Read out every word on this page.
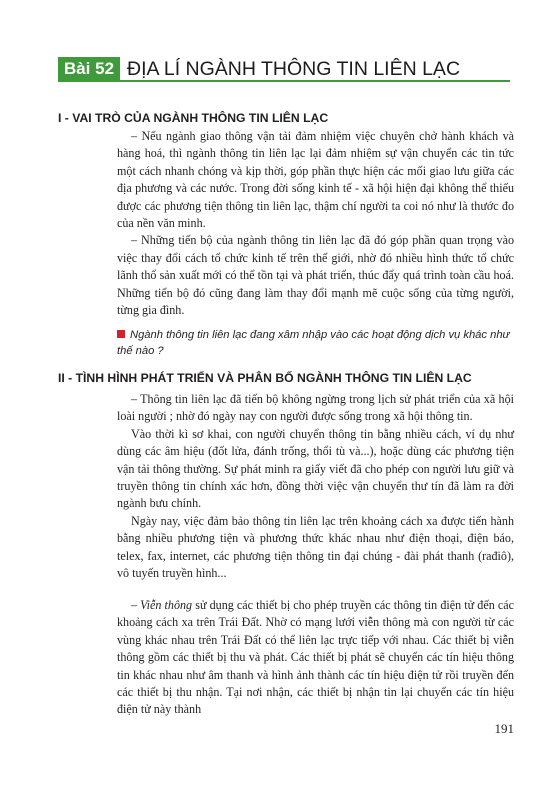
Bài 52 ĐỊA LÍ NGÀNH THÔNG TIN LIÊN LẠC
I - VAI TRÒ CỦA NGÀNH THÔNG TIN LIÊN LẠC

– Nếu ngành giao thông vận tải đảm nhiệm việc chuyên chở hành khách và hàng hoá, thì ngành thông tin liên lạc lại đảm nhiệm sự vận chuyển các tin tức một cách nhanh chóng và kịp thời, góp phần thực hiện các mối giao lưu giữa các địa phương và các nước. Trong đời sống kinh tế - xã hội hiện đại không thể thiếu được các phương tiện thông tin liên lạc, thậm chí người ta coi nó như là thước đo của nền văn minh.

– Những tiến bộ của ngành thông tin liên lạc đã đó góp phần quan trọng vào việc thay đổi cách tổ chức kinh tế trên thế giới, nhờ đó nhiều hình thức tổ chức lãnh thổ sản xuất mới có thể tồn tại và phát triển, thúc đẩy quá trình toàn cầu hoá. Những tiến bộ đó cũng đang làm thay đổi mạnh mẽ cuộc sống của từng người, từng gia đình.

Ngành thông tin liên lạc đang xâm nhập vào các hoạt động dịch vụ khác như thế nào ?
II - TÌNH HÌNH PHÁT TRIỂN VÀ PHÂN BỐ NGÀNH THÔNG TIN LIÊN LẠC

– Thông tin liên lạc đã tiến bộ không ngừng trong lịch sử phát triển của xã hội loài người ; nhờ đó ngày nay con người được sống trong xã hội thông tin.

Vào thời kì sơ khai, con người chuyển thông tin bằng nhiều cách, ví dụ như dùng các âm hiệu (đốt lửa, đánh trống, thổi tù và...), hoặc dùng các phương tiện vận tải thông thường. Sự phát minh ra giấy viết đã cho phép con người lưu giữ và truyền thông tin chính xác hơn, đồng thời việc vận chuyển thư tín đã làm ra đời ngành bưu chính.

Ngày nay, việc đảm bảo thông tin liên lạc trên khoảng cách xa được tiến hành bằng nhiều phương tiện và phương thức khác nhau như điện thoại, điện báo, telex, fax, internet, các phương tiện thông tin đại chúng - đài phát thanh (rađiô), vô tuyến truyền hình...

– Viễn thông sử dụng các thiết bị cho phép truyền các thông tin điện tử đến các khoảng cách xa trên Trái Đất. Nhờ có mạng lưới viễn thông mà con người từ các vùng khác nhau trên Trái Đất có thể liên lạc trực tiếp với nhau. Các thiết bị viễn thông gồm các thiết bị thu và phát. Các thiết bị phát sẽ chuyển các tín hiệu thông tin khác nhau như âm thanh và hình ảnh thành các tín hiệu điện tử rồi truyền đến các thiết bị thu nhận. Tại nơi nhận, các thiết bị nhận tin lại chuyển các tín hiệu điện tử này thành

191
